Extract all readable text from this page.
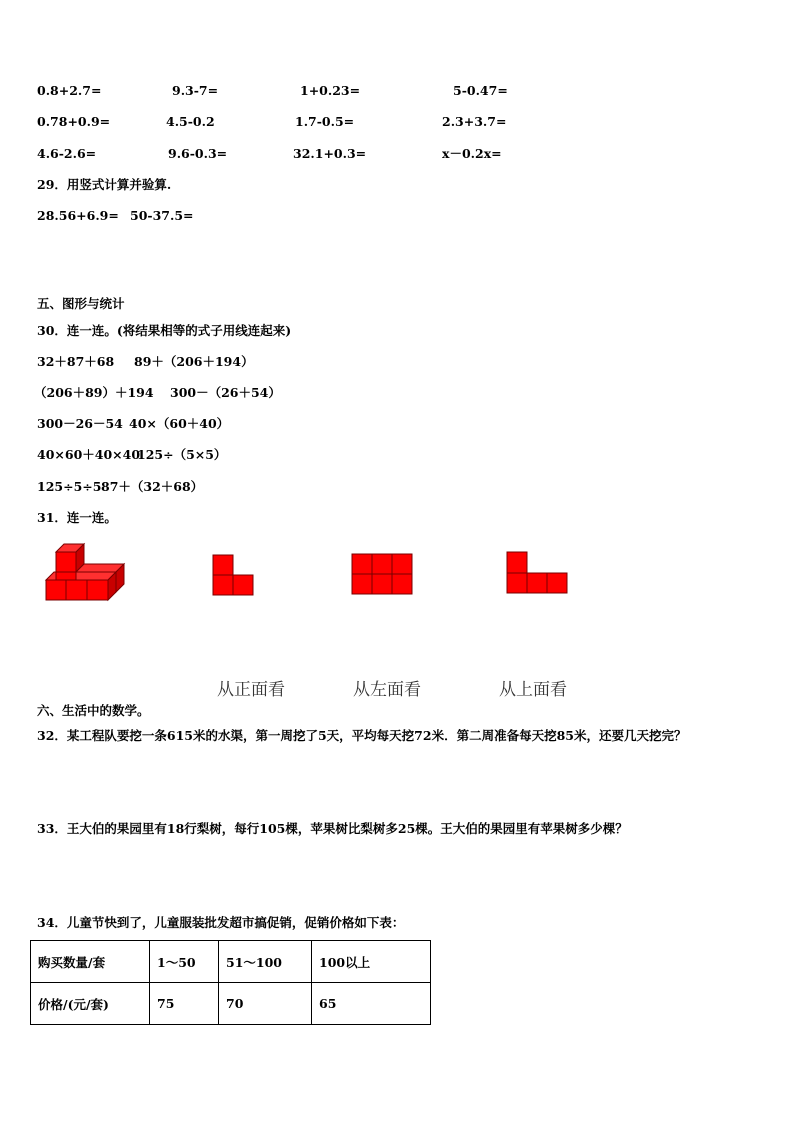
0.8+2.7=	9.3-7=	1+0.23=	5-0.47=
0.78+0.9=	4.5-0.2	1.7-0.5=	2.3+3.7=
4.6-2.6=	9.6-0.3=	32.1+0.3=	x－0.2x=
29．用竖式计算并验算.
28.56+6.9= 50-37.5=
五、图形与统计
30．连一连。(将结果相等的式子用线连起来)
32＋87＋68 89＋（206＋194）
（206＋89）＋194 300－（26＋54）
300－26－54 40×（60＋40）
40×60＋40×40
125÷（5×5）
125÷5÷5 87＋（32＋68）
31．连一连。
从正面看	从左面看	从上面看
六、生活中的数学。
32．某工程队要挖一条615米的水渠，第一周挖了5天，平均每天挖72米．第二周准备每天挖85米，还要几天挖完？
33．王大伯的果园里有18行梨树，每行105棵，苹果树比梨树多25棵。王大伯的果园里有苹果树多少棵？
34．儿童节快到了，儿童服装批发超市搞促销，促销价格如下表：
购买数量/套	1～50	51～100	100以上
价格/(元/套)	75	70	65
